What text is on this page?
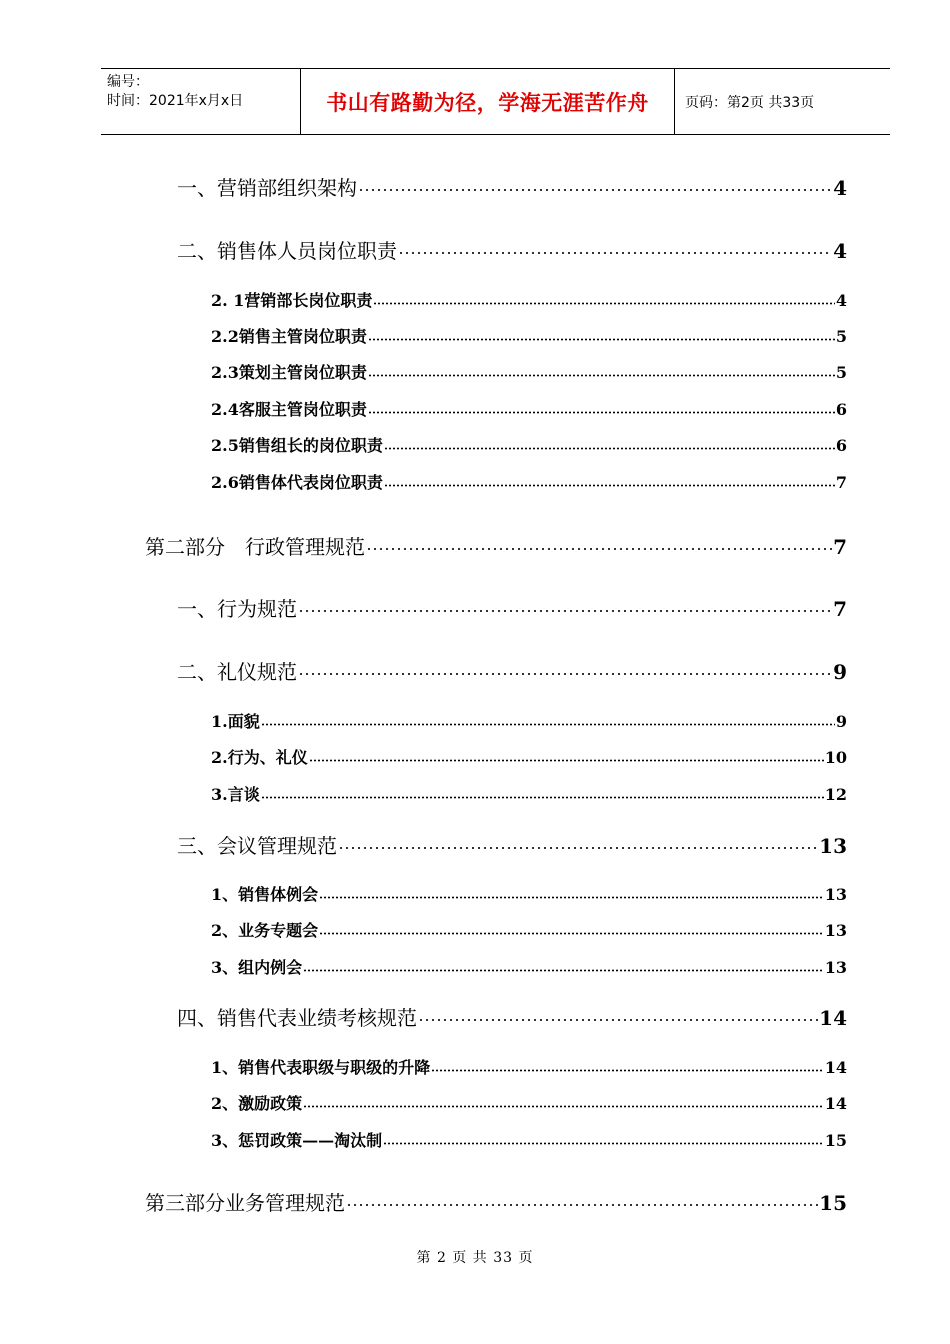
编号：
时间：2021年x月x日	书山有路勤为径，学海无涯苦作舟	页码：第2页 共33页
一、营销部组织架构	4
二、销售体人员岗位职责	4
2. 1营销部长岗位职责	4
2.2销售主管岗位职责	5
2.3策划主管岗位职责	5
2.4客服主管岗位职责	6
2.5销售组长的岗位职责	6
2.6销售体代表岗位职责	7
第二部分　行政管理规范	7
一、行为规范	7
二、礼仪规范	9
1.面貌	9
2.行为、礼仪	10
3.言谈	12
三、会议管理规范	13
1、销售体例会	13
2、业务专题会	13
3、组内例会	13
四、销售代表业绩考核规范	14
1、销售代表职级与职级的升降	14
2、激励政策	14
3、惩罚政策——淘汰制	15
第三部分业务管理规范	15
第 2 页 共 33 页
